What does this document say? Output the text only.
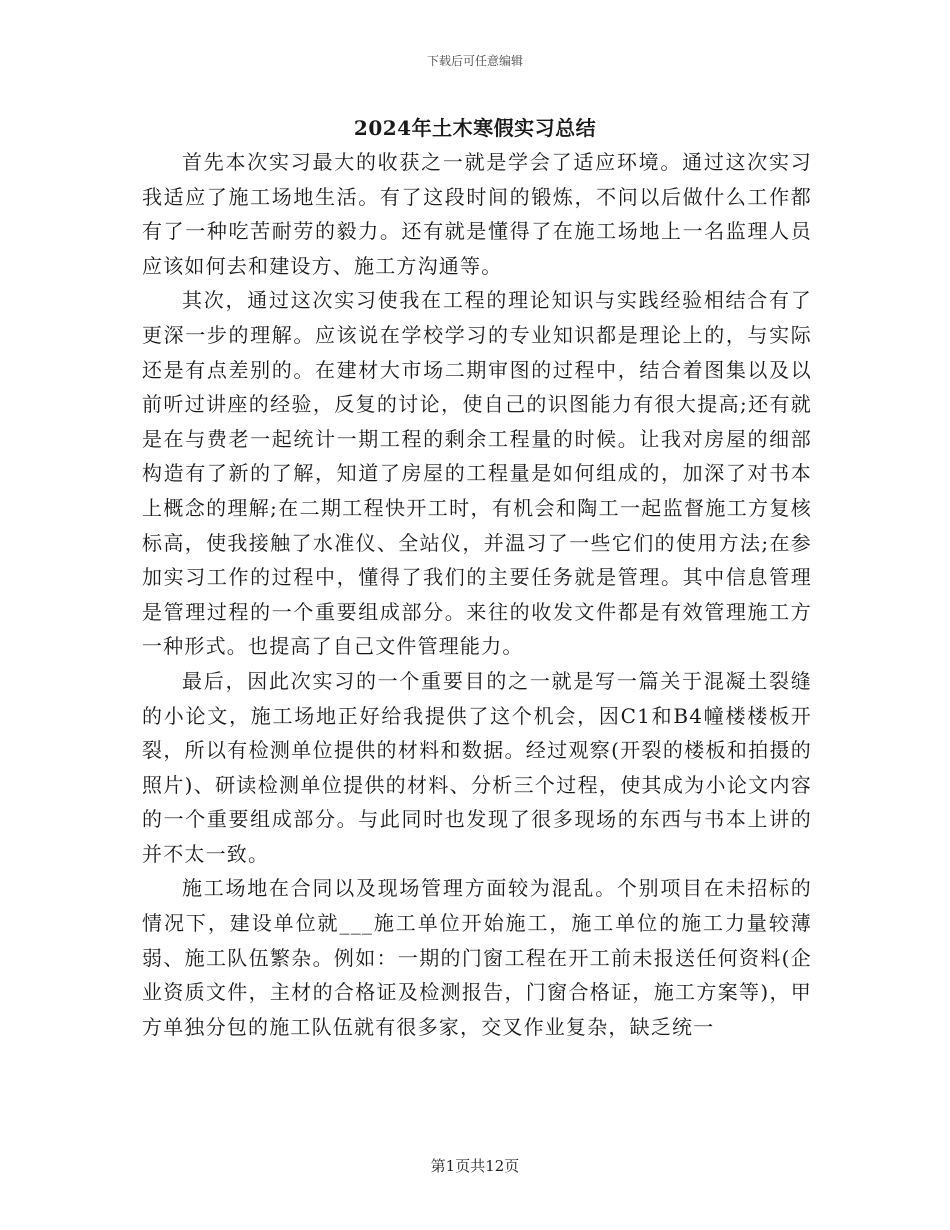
下载后可任意编辑
2024年土木寒假实习总结

首先本次实习最大的收获之一就是学会了适应环境。通过这次实习我适应了施工场地生活。有了这段时间的锻炼，不问以后做什么工作都有了一种吃苦耐劳的毅力。还有就是懂得了在施工场地上一名监理人员应该如何去和建设方、施工方沟通等。

其次，通过这次实习使我在工程的理论知识与实践经验相结合有了更深一步的理解。应该说在学校学习的专业知识都是理论上的，与实际还是有点差别的。在建材大市场二期审图的过程中，结合着图集以及以前听过讲座的经验，反复的讨论，使自己的识图能力有很大提高;还有就是在与费老一起统计一期工程的剩余工程量的时候。让我对房屋的细部构造有了新的了解，知道了房屋的工程量是如何组成的，加深了对书本上概念的理解;在二期工程快开工时，有机会和陶工一起监督施工方复核标高，使我接触了水准仪、全站仪，并温习了一些它们的使用方法;在参加实习工作的过程中，懂得了我们的主要任务就是管理。其中信息管理是管理过程的一个重要组成部分。来往的收发文件都是有效管理施工方一种形式。也提高了自己文件管理能力。

最后，因此次实习的一个重要目的之一就是写一篇关于混凝土裂缝的小论文，施工场地正好给我提供了这个机会，因C1和B4幢楼楼板开裂，所以有检测单位提供的材料和数据。经过观察(开裂的楼板和拍摄的照片)、研读检测单位提供的材料、分析三个过程，使其成为小论文内容的一个重要组成部分。与此同时也发现了很多现场的东西与书本上讲的并不太一致。

施工场地在合同以及现场管理方面较为混乱。个别项目在未招标的情况下，建设单位就___施工单位开始施工，施工单位的施工力量较薄弱、施工队伍繁杂。例如：一期的门窗工程在开工前未报送任何资料(企业资质文件，主材的合格证及检测报告，门窗合格证，施工方案等)，甲方单独分包的施工队伍就有很多家，交叉作业复杂，缺乏统一

第1页共12页
